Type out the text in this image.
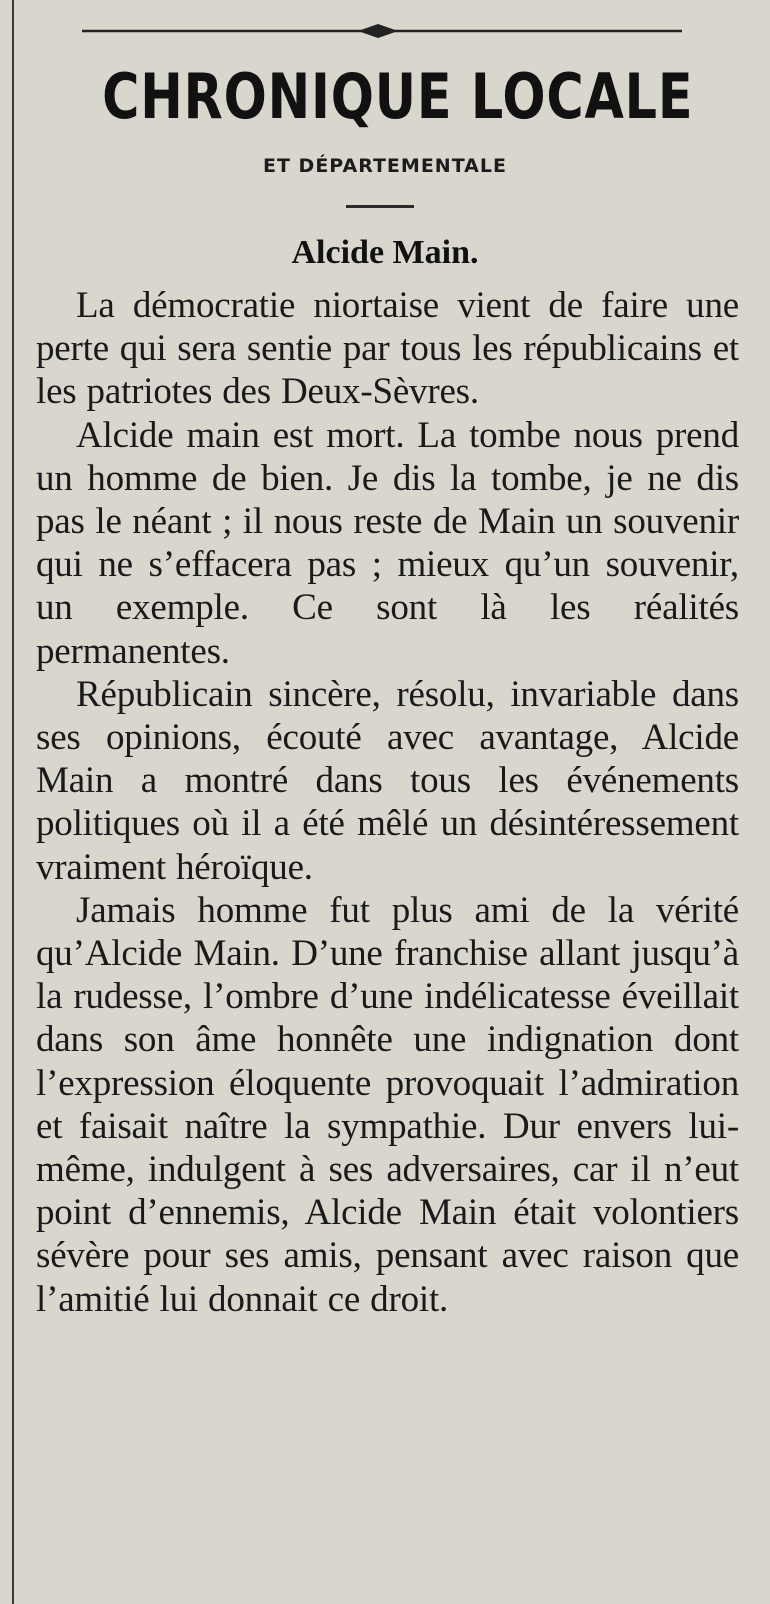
CHRONIQUE LOCALE
ET DÉPARTEMENTALE
Alcide Main.

La démocratie niortaise vient de faire une perte qui sera sentie par tous les républicains et les patriotes des Deux-Sèvres.

Alcide main est mort. La tombe nous prend un homme de bien. Je dis la tombe, je ne dis pas le néant ; il nous reste de Main un souvenir qui ne s’effacera pas ; mieux qu’un souvenir, un exemple. Ce sont là les réalités permanentes.

Républicain sincère, résolu, invariable dans ses opinions, écouté avec avantage, Alcide Main a montré dans tous les événements politiques où il a été mêlé un désintéressement vraiment héroïque.

Jamais homme fut plus ami de la vérité qu’Alcide Main. D’une franchise allant jusqu’à la rudesse, l’ombre d’une indélicatesse éveillait dans son âme honnête une indignation dont l’expression éloquente provoquait l’admiration et faisait naître la sympathie. Dur envers lui-même, indulgent à ses adversaires, car il n’eut point d’ennemis, Alcide Main était volontiers sévère pour ses amis, pensant avec raison que l’amitié lui donnait ce droit.
